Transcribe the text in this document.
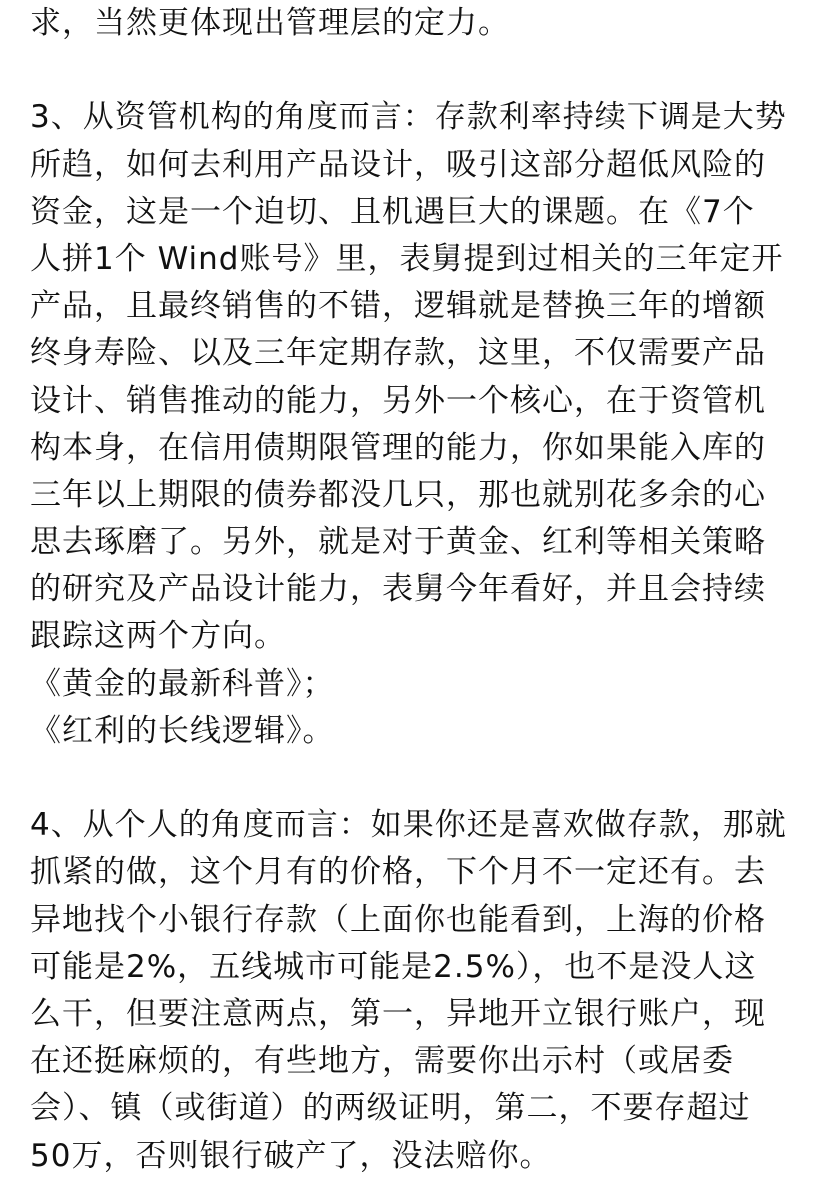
求，当然更体现出管理层的定力。
3、从资管机构的角度而言：存款利率持续下调是大势
所趋，如何去利用产品设计，吸引这部分超低风险的
资金，这是一个迫切、且机遇巨大的课题。在《7个
人拼1个 Wind账号》里，表舅提到过相关的三年定开
产品，且最终销售的不错，逻辑就是替换三年的增额
终身寿险、以及三年定期存款，这里，不仅需要产品
设计、销售推动的能力，另外一个核心，在于资管机
构本身，在信用债期限管理的能力，你如果能入库的
三年以上期限的债券都没几只，那也就别花多余的心
思去琢磨了。另外，就是对于黄金、红利等相关策略
的研究及产品设计能力，表舅今年看好，并且会持续
跟踪这两个方向。
《黄金的最新科普》；
《红利的长线逻辑》。
4、从个人的角度而言：如果你还是喜欢做存款，那就
抓紧的做，这个月有的价格，下个月不一定还有。去
异地找个小银行存款（上面你也能看到，上海的价格
可能是2%，五线城市可能是2.5%），也不是没人这
么干，但要注意两点，第一，异地开立银行账户，现
在还挺麻烦的，有些地方，需要你出示村（或居委
会）、镇（或街道）的两级证明，第二，不要存超过
50万，否则银行破产了，没法赔你。
